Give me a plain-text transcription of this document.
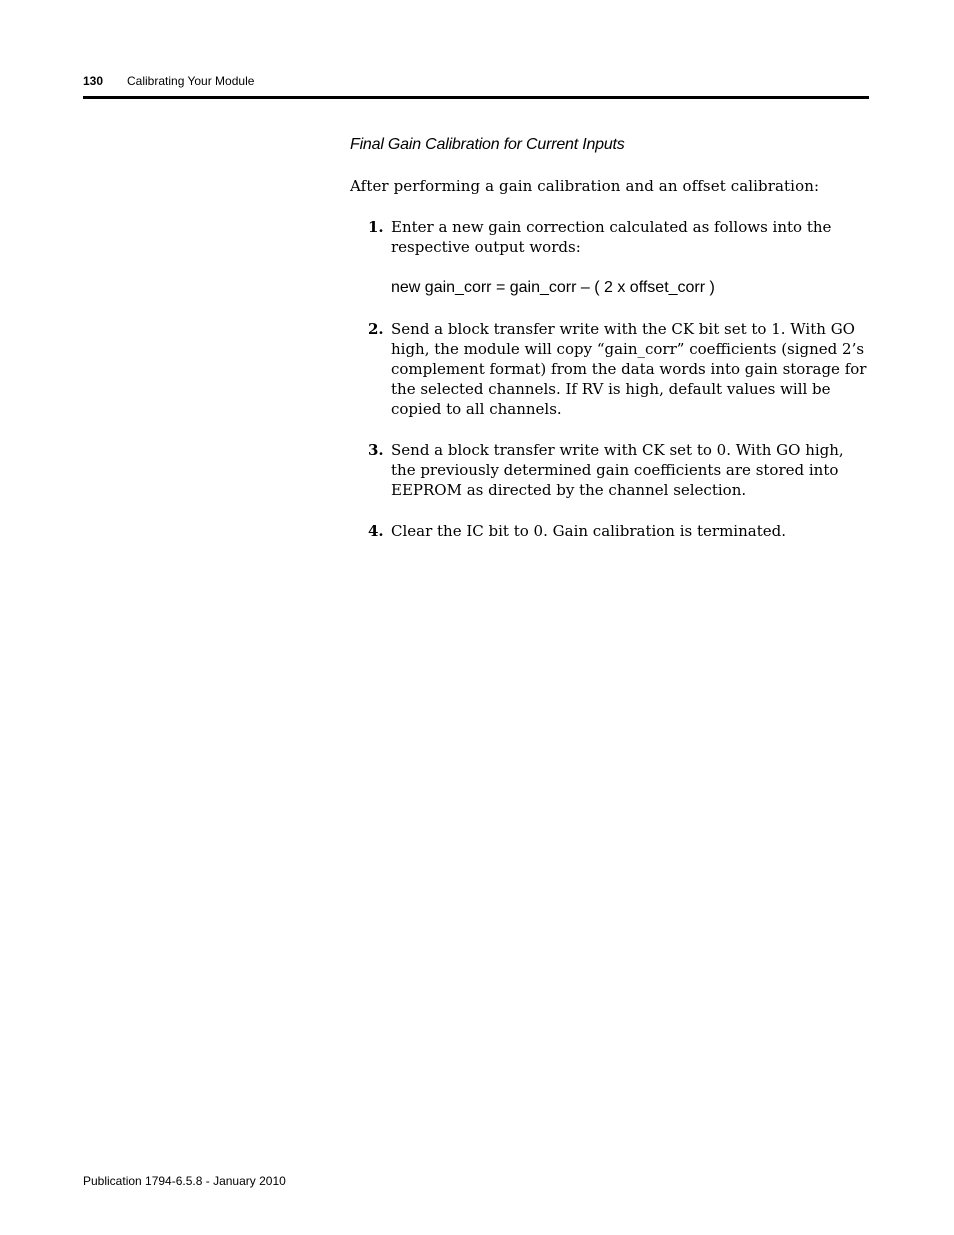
130 Calibrating Your Module
Final Gain Calibration for Current Inputs

After performing a gain calibration and an offset calibration:

1. Enter a new gain correction calculated as follows into the respective output words:

new gain_corr = gain_corr – ( 2 x offset_corr )

2. Send a block transfer write with the CK bit set to 1. With GO high, the module will copy “gain_corr” coefficients (signed 2’s complement format) from the data words into gain storage for the selected channels. If RV is high, default values will be copied to all channels.

3. Send a block transfer write with CK set to 0. With GO high, the previously determined gain coefficients are stored into EEPROM as directed by the channel selection.

4. Clear the IC bit to 0. Gain calibration is terminated.

Publication 1794-6.5.8 - January 2010
